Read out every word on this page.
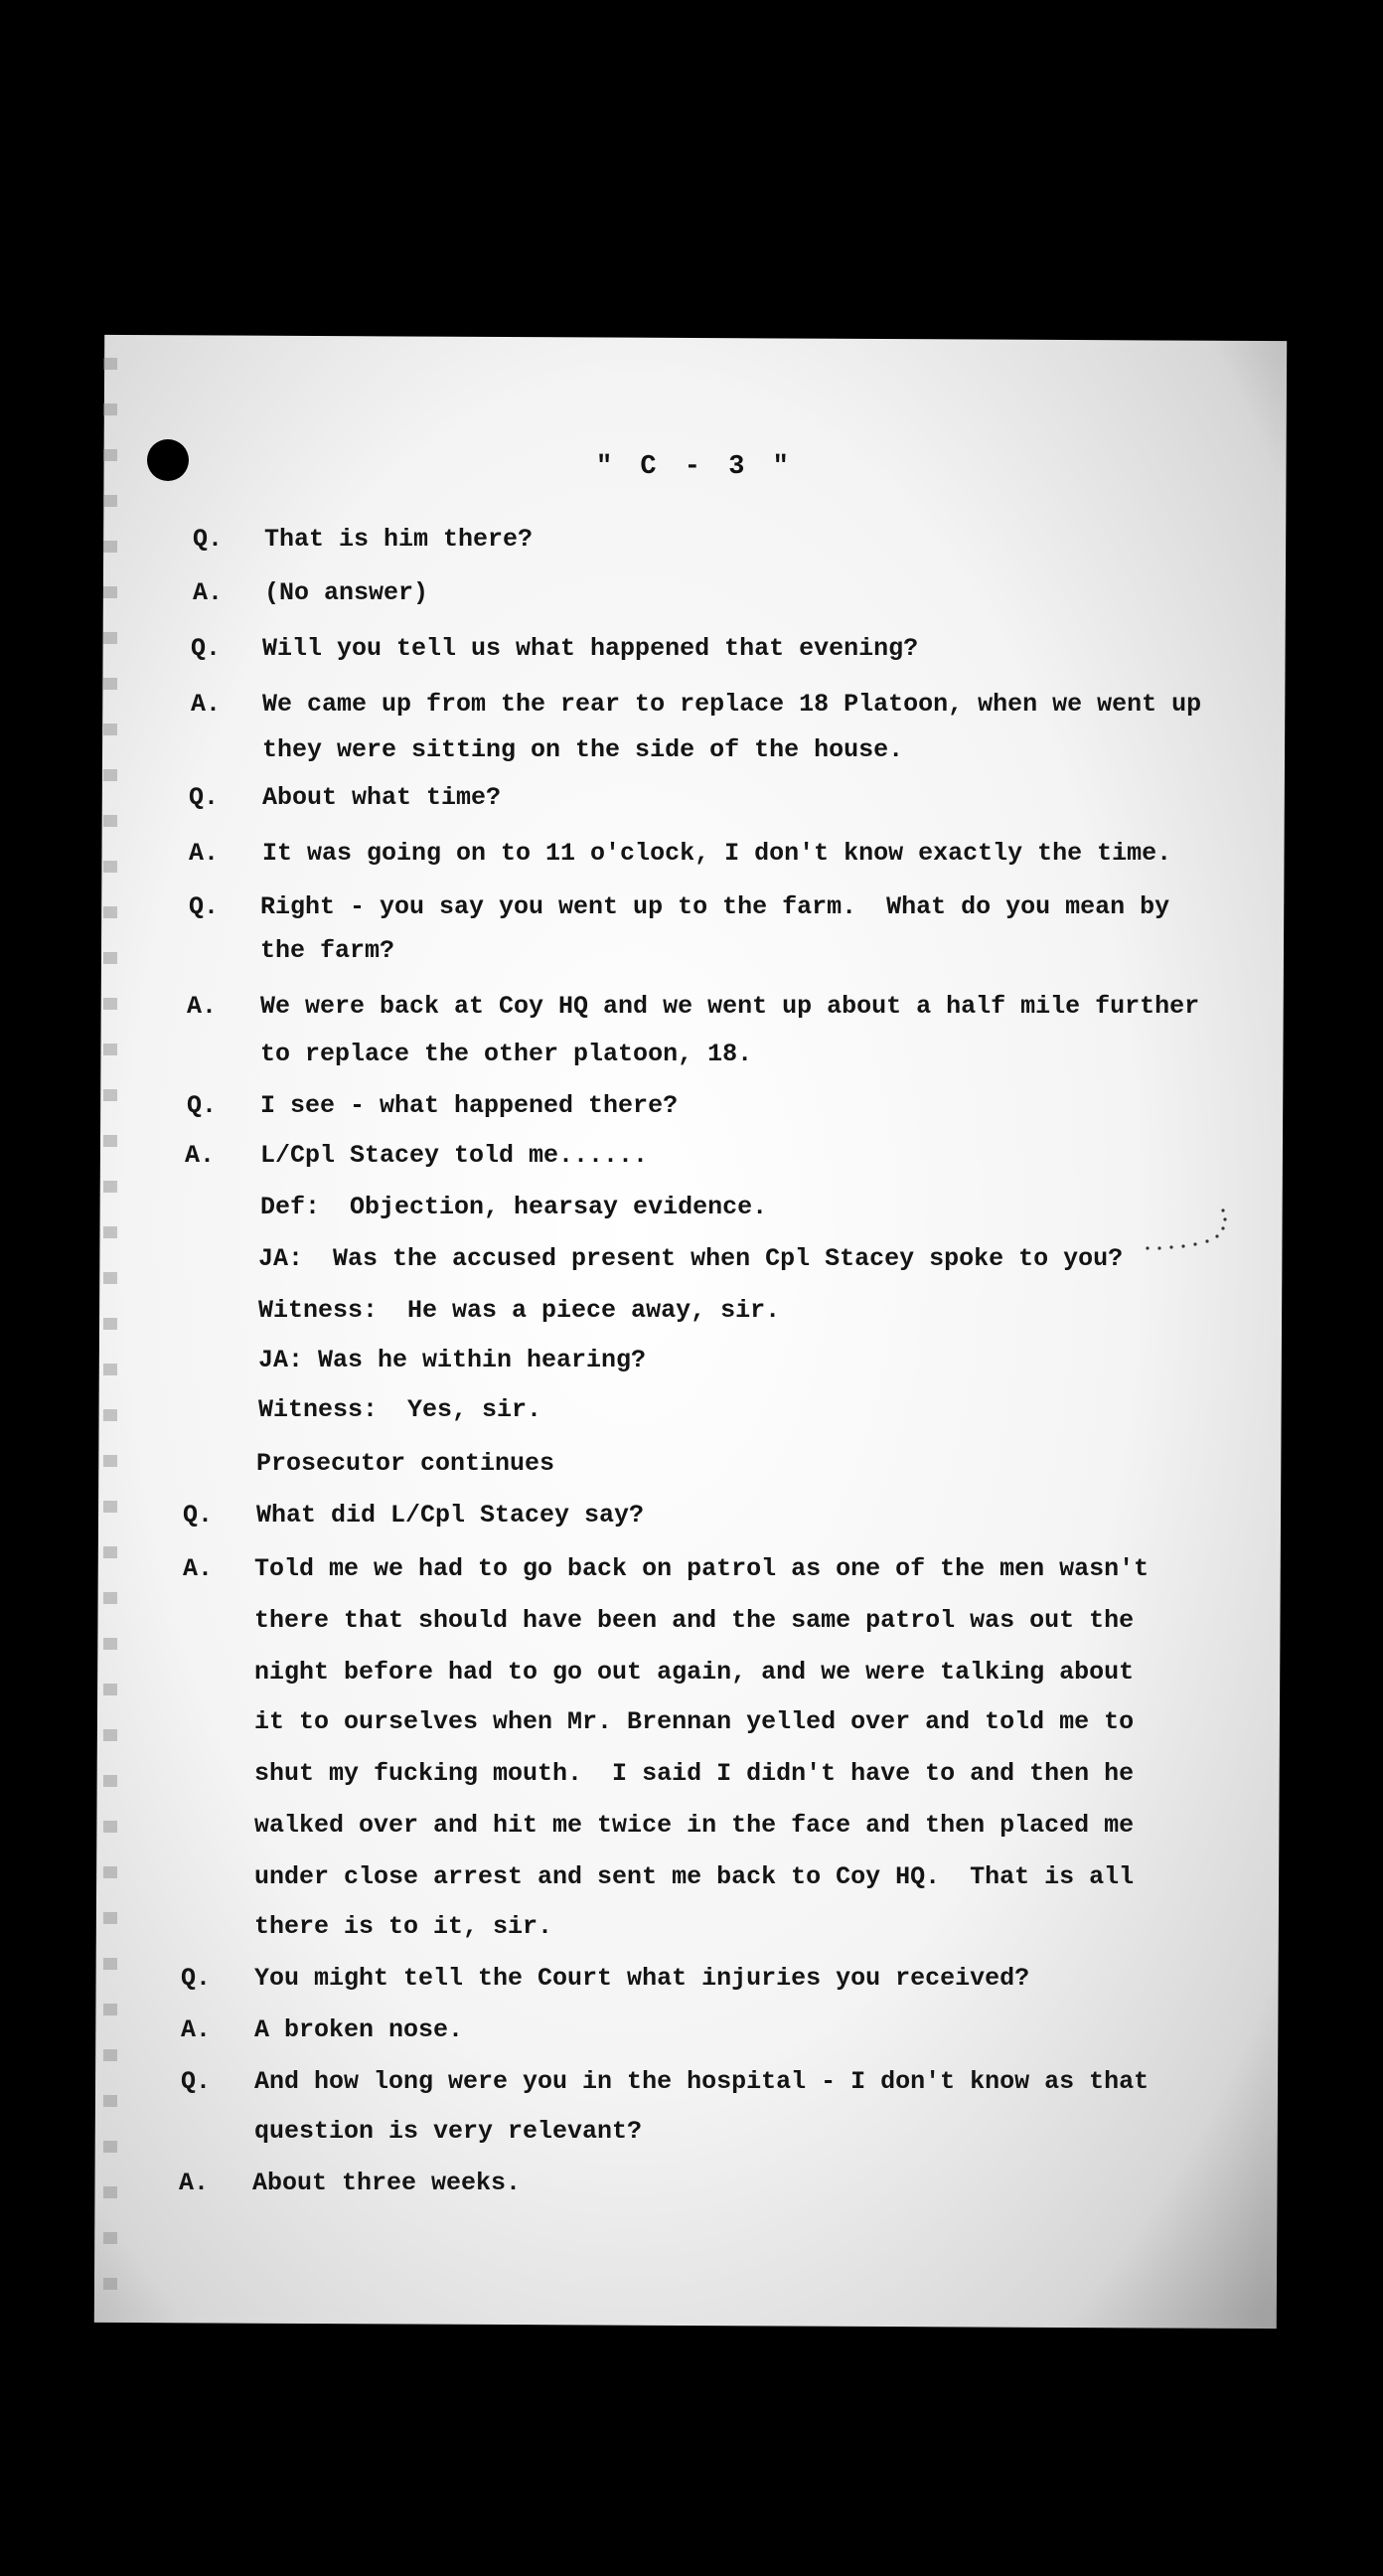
" C - 3 "
Q. That is him there?
A. (No answer)
Q. Will you tell us what happened that evening?
A. We came up from the rear to replace 18 Platoon, when we went up
they were sitting on the side of the house.
Q. About what time?
A. It was going on to 11 o'clock, I don't know exactly the time.
Q. Right - you say you went up to the farm.  What do you mean by
the farm?
A. We were back at Coy HQ and we went up about a half mile further
to replace the other platoon, 18.
Q. I see - what happened there?
A. L/Cpl Stacey told me......
Def:  Objection, hearsay evidence.
JA:  Was the accused present when Cpl Stacey spoke to you?
Witness:  He was a piece away, sir.
JA: Was he within hearing?
Witness:  Yes, sir.
Prosecutor continues
Q. What did L/Cpl Stacey say?
A. Told me we had to go back on patrol as one of the men wasn't
there that should have been and the same patrol was out the
night before had to go out again, and we were talking about
it to ourselves when Mr. Brennan yelled over and told me to
shut my fucking mouth.  I said I didn't have to and then he
walked over and hit me twice in the face and then placed me
under close arrest and sent me back to Coy HQ.  That is all
there is to it, sir.
Q. You might tell the Court what injuries you received?
A. A broken nose.
Q. And how long were you in the hospital - I don't know as that
question is very relevant?
A. About three weeks.
